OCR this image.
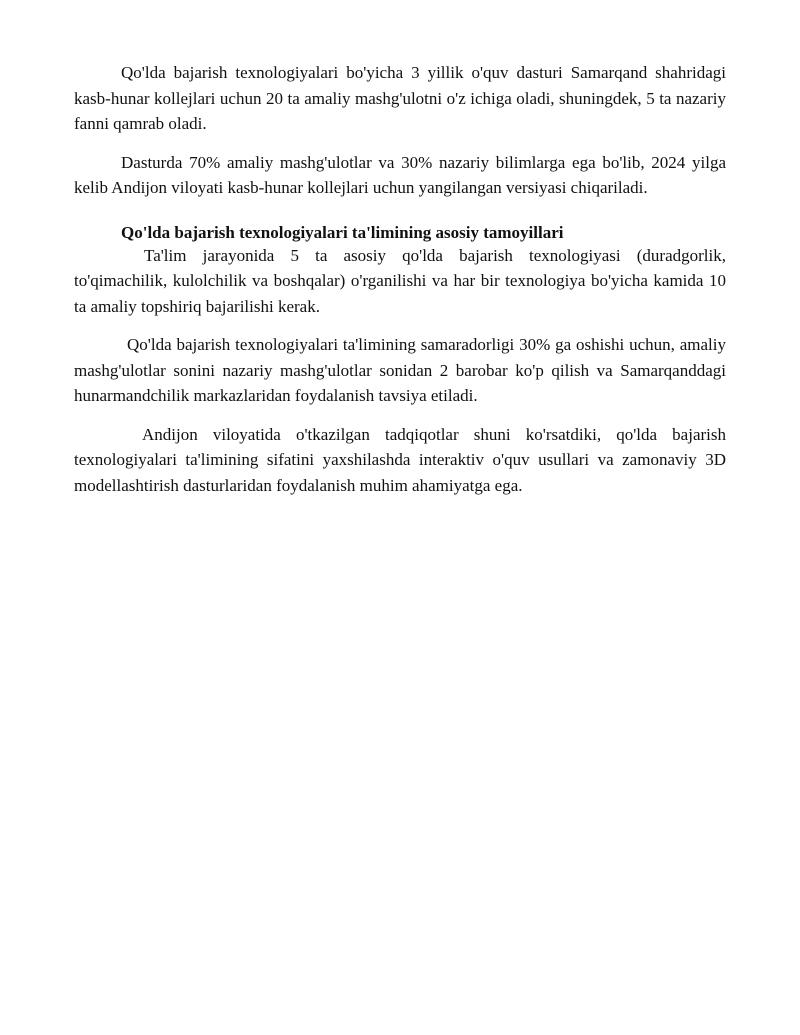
Qo'lda bajarish texnologiyalari bo'yicha 3 yillik o'quv dasturi Samarqand shahridagi kasb-hunar kollejlari uchun 20 ta amaliy mashg'ulotni o'z ichiga oladi, shuningdek, 5 ta nazariy fanni qamrab oladi.

Dasturda 70% amaliy mashg'ulotlar va 30% nazariy bilimlarga ega bo'lib, 2024 yilga kelib Andijon viloyati kasb-hunar kollejlari uchun yangilangan versiyasi chiqariladi.

Qo'lda bajarish texnologiyalari ta'limining asosiy tamoyillari

Ta'lim jarayonida 5 ta asosiy qo'lda bajarish texnologiyasi (duradgorlik, to'qimachilik, kulolchilik va boshqalar) o'rganilishi va har bir texnologiya bo'yicha kamida 10 ta amaliy topshiriq bajarilishi kerak.

Qo'lda bajarish texnologiyalari ta'limining samaradorligi 30% ga oshishi uchun, amaliy mashg'ulotlar sonini nazariy mashg'ulotlar sonidan 2 barobar ko'p qilish va Samarqanddagi hunarmandchilik markazlaridan foydalanish tavsiya etiladi.

Andijon viloyatida o'tkazilgan tadqiqotlar shuni ko'rsatdiki, qo'lda bajarish texnologiyalari ta'limining sifatini yaxshilashda interaktiv o'quv usullari va zamonaviy 3D modellashtirish dasturlaridan foydalanish muhim ahamiyatga ega.
